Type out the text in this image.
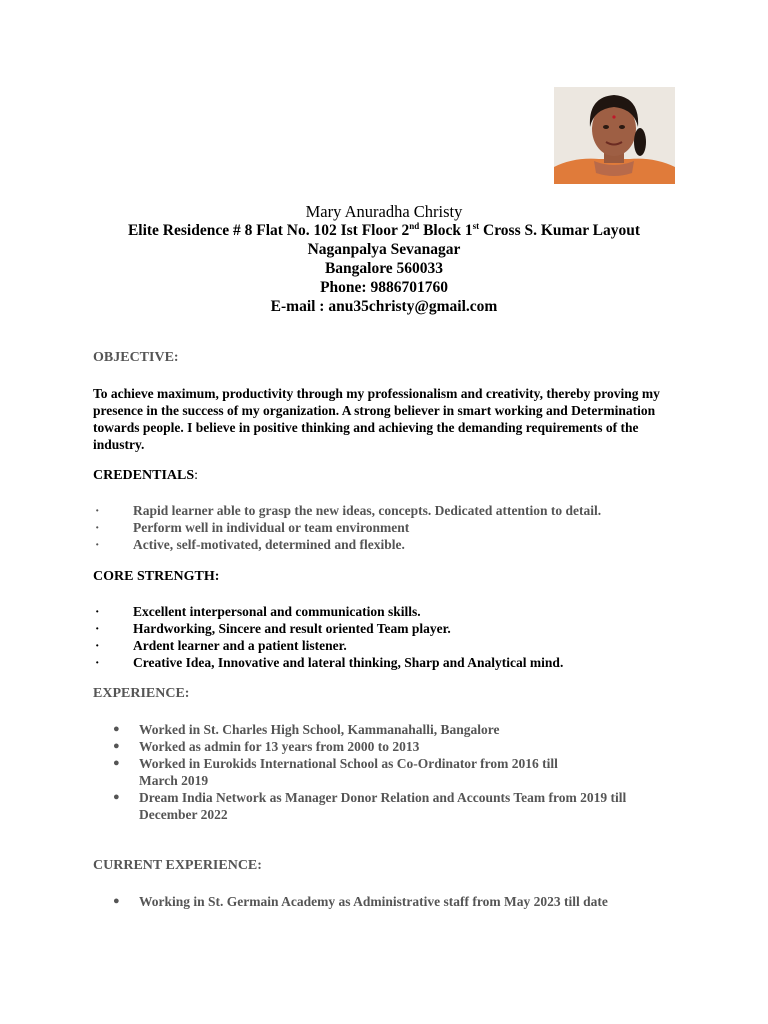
Mary Anuradha Christy
Elite Residence # 8 Flat No. 102 Ist Floor 2nd Block 1st Cross S. Kumar Layout
Naganpalya Sevanagar
Bangalore 560033
Phone: 9886701760
E-mail : anu35christy@gmail.com
OBJECTIVE:
To achieve maximum, productivity through my professionalism and creativity, thereby proving my presence in the success of my organization. A strong believer in smart working and Determination towards people. I believe in positive thinking and achieving the demanding requirements of the industry.
CREDENTIALS:
· Rapid learner able to grasp the new ideas, concepts. Dedicated attention to detail.
· Perform well in individual or team environment
· Active, self-motivated, determined and flexible.
CORE STRENGTH:
· Excellent interpersonal and communication skills.
· Hardworking, Sincere and result oriented Team player.
· Ardent learner and a patient listener.
· Creative Idea, Innovative and lateral thinking, Sharp and Analytical mind.
EXPERIENCE:
● Worked in St. Charles High School, Kammanahalli, Bangalore
● Worked as admin for 13 years from 2000 to 2013
● Worked in Eurokids International School as Co-Ordinator from 2016 till March 2019
● Dream India Network as Manager Donor Relation and Accounts Team from 2019 till December 2022
CURRENT EXPERIENCE:
● Working in St. Germain Academy as Administrative staff from May 2023 till date
